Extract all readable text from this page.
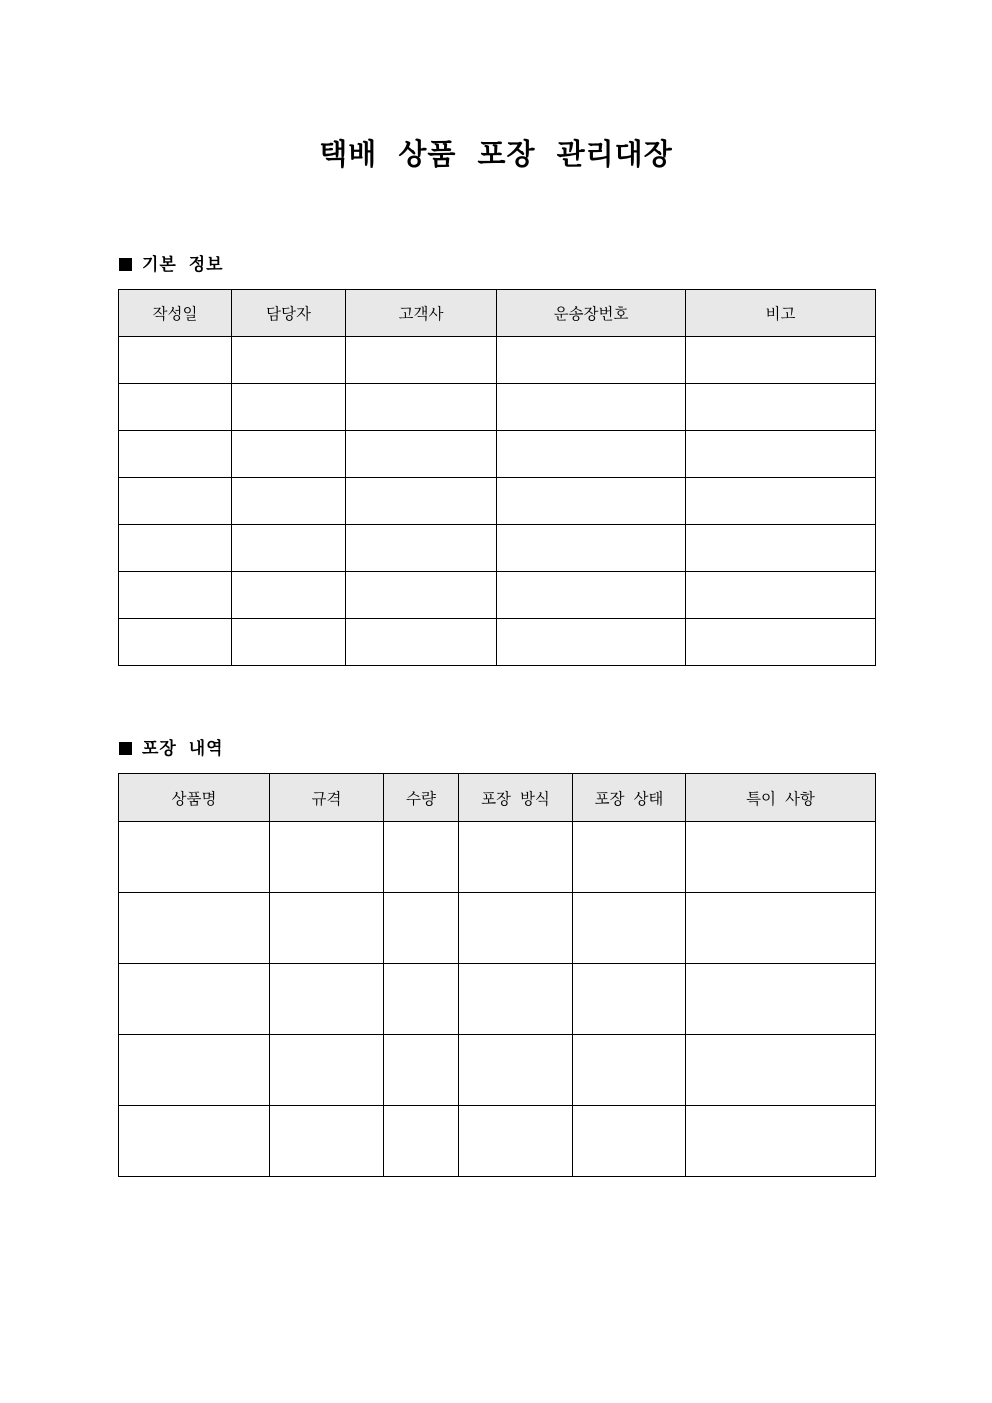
택배 상품 포장 관리대장
기본 정보
작성일	담당자	고객사	운송장번호	비고

포장 내역
상품명	규격	수량	포장 방식	포장 상태	특이 사항
